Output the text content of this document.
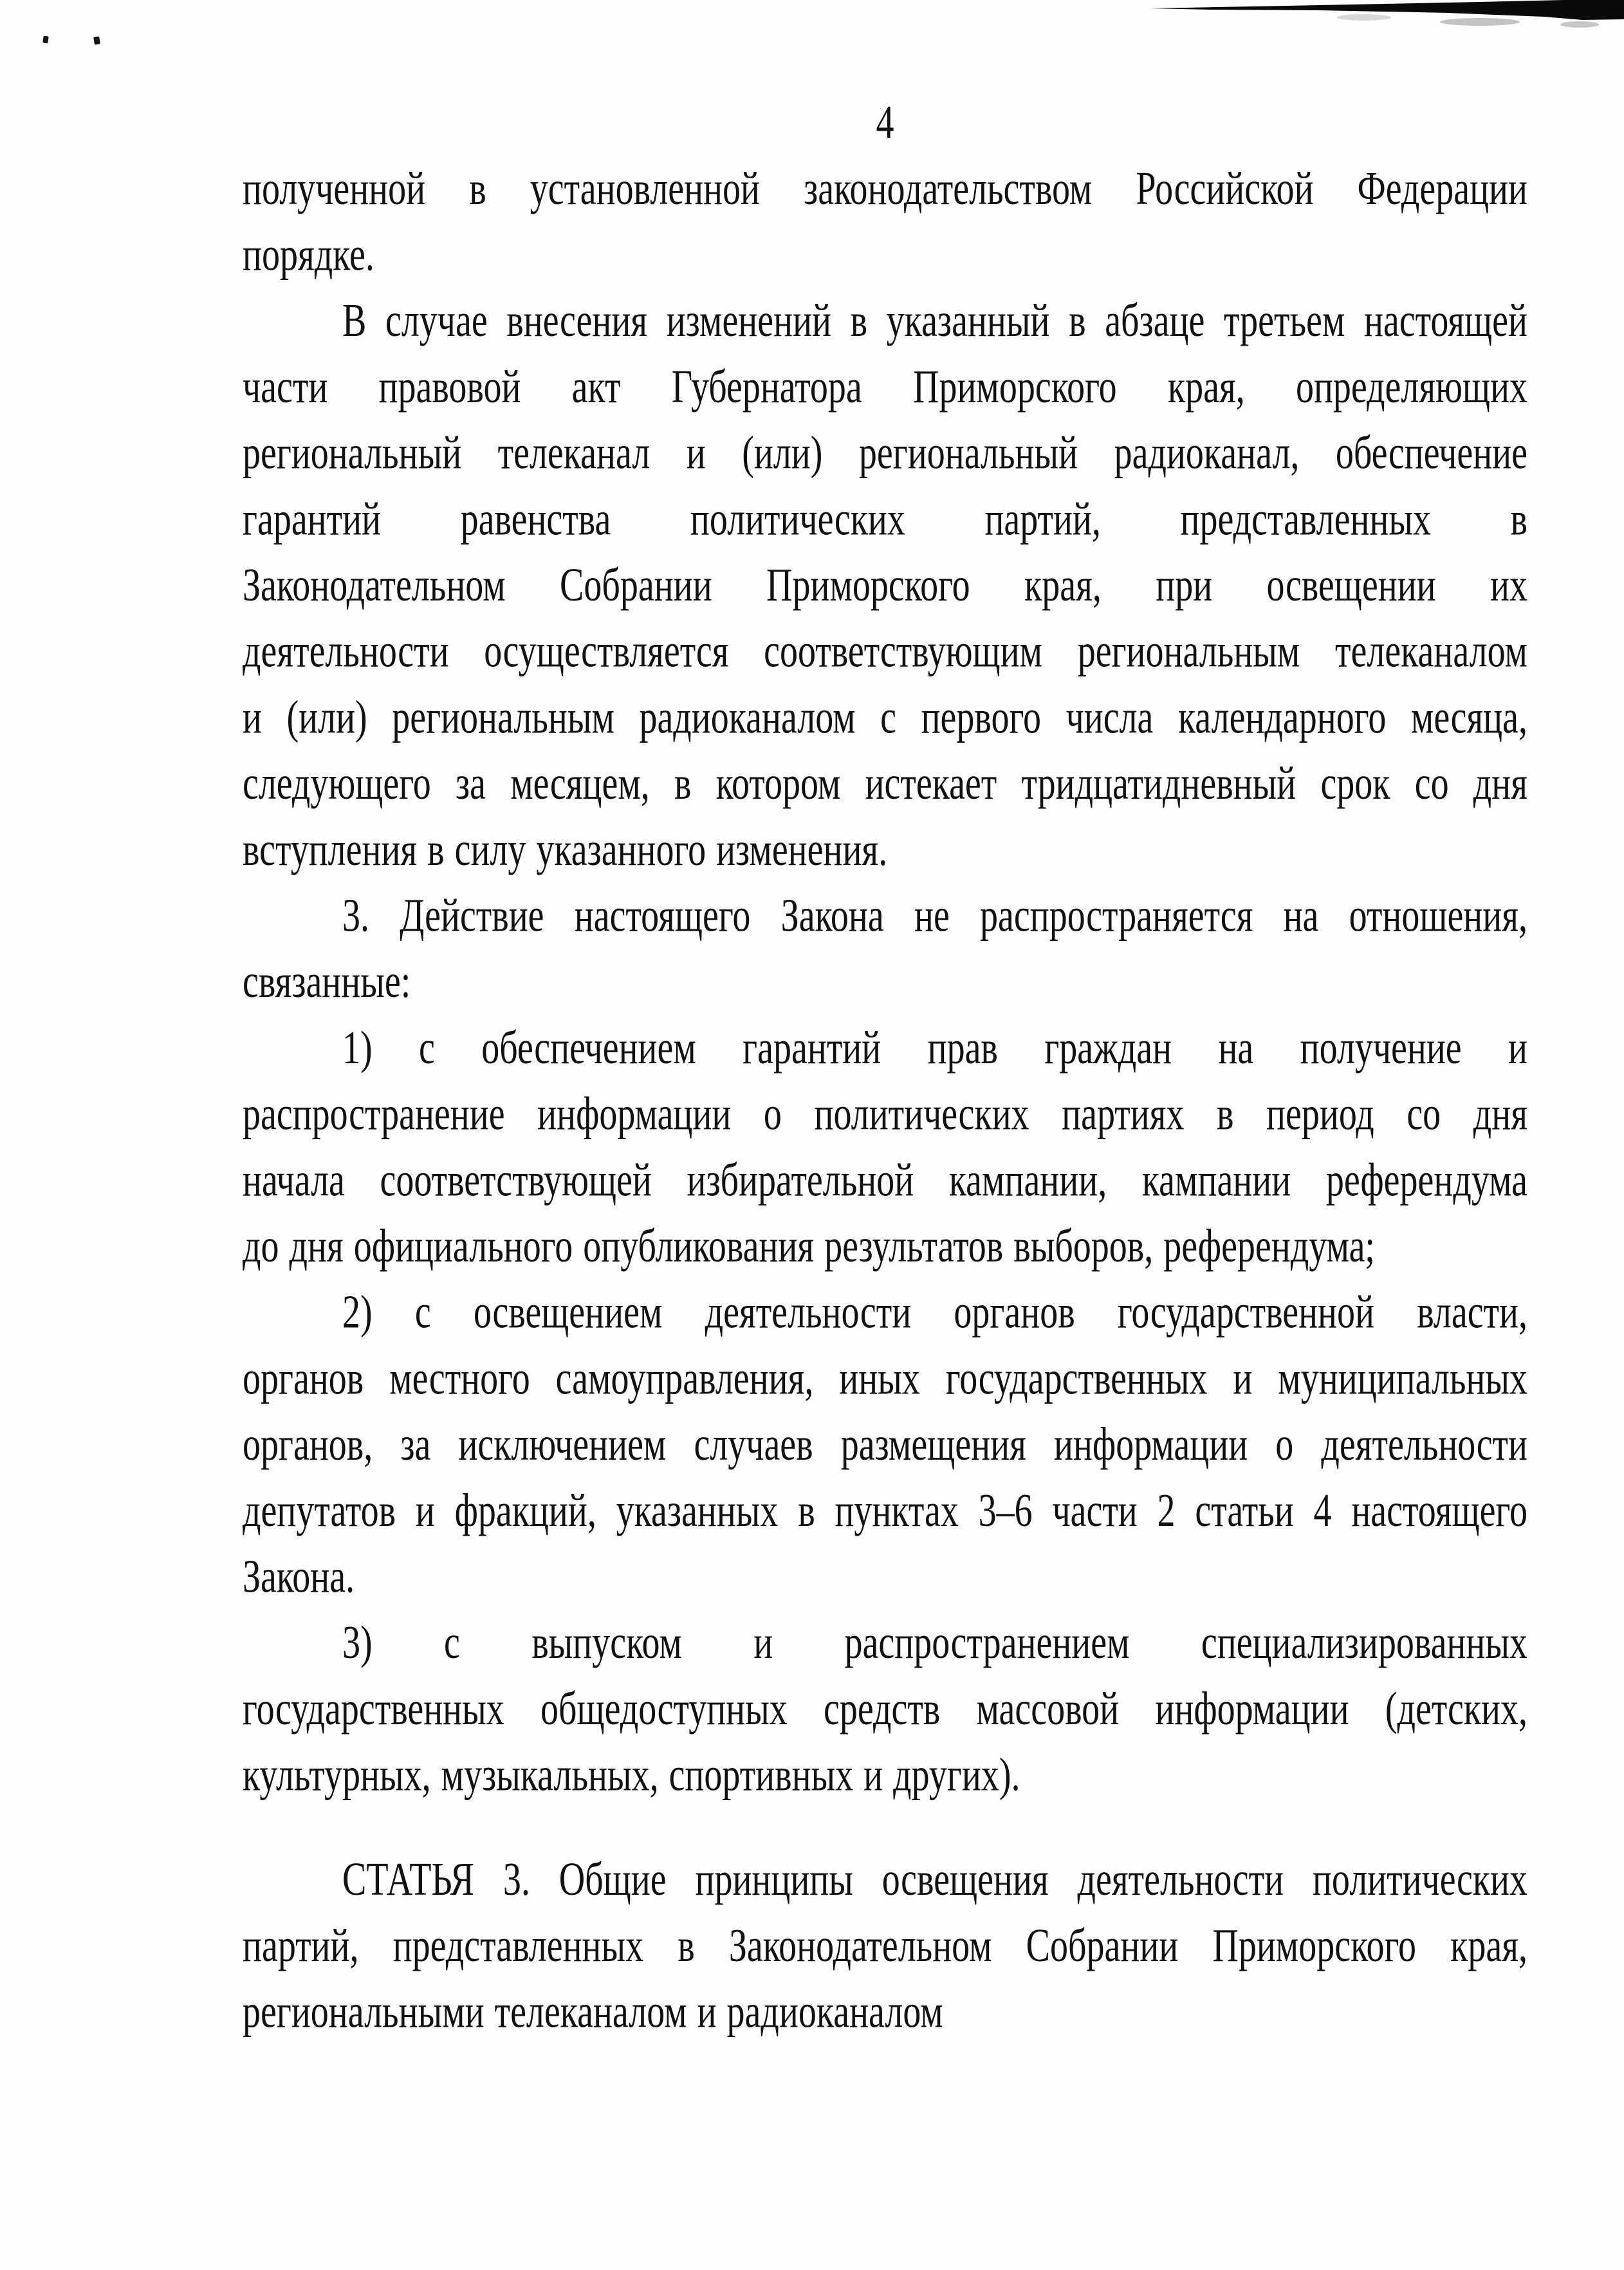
4
полученной в установленной законодательством Российской Федерации
порядке.
В случае внесения изменений в указанный в абзаце третьем настоящей
части правовой акт Губернатора Приморского края, определяющих
региональный телеканал и (или) региональный радиоканал, обеспечение
гарантий равенства политических партий, представленных в
Законодательном Собрании Приморского края, при освещении их
деятельности осуществляется соответствующим региональным телеканалом
и (или) региональным радиоканалом с первого числа календарного месяца,
следующего за месяцем, в котором истекает тридцатидневный срок со дня
вступления в силу указанного изменения.
3. Действие настоящего Закона не распространяется на отношения,
связанные:
1) с обеспечением гарантий прав граждан на получение и
распространение информации о политических партиях в период со дня
начала соответствующей избирательной кампании, кампании референдума
до дня официального опубликования результатов выборов, референдума;
2) с освещением деятельности органов государственной власти,
органов местного самоуправления, иных государственных и муниципальных
органов, за исключением случаев размещения информации о деятельности
депутатов и фракций, указанных в пунктах 3–6 части 2 статьи 4 настоящего
Закона.
3) с выпуском и распространением специализированных
государственных общедоступных средств массовой информации (детских,
культурных, музыкальных, спортивных и других).
СТАТЬЯ 3. Общие принципы освещения деятельности политических
партий, представленных в Законодательном Собрании Приморского края,
региональными телеканалом и радиоканалом
